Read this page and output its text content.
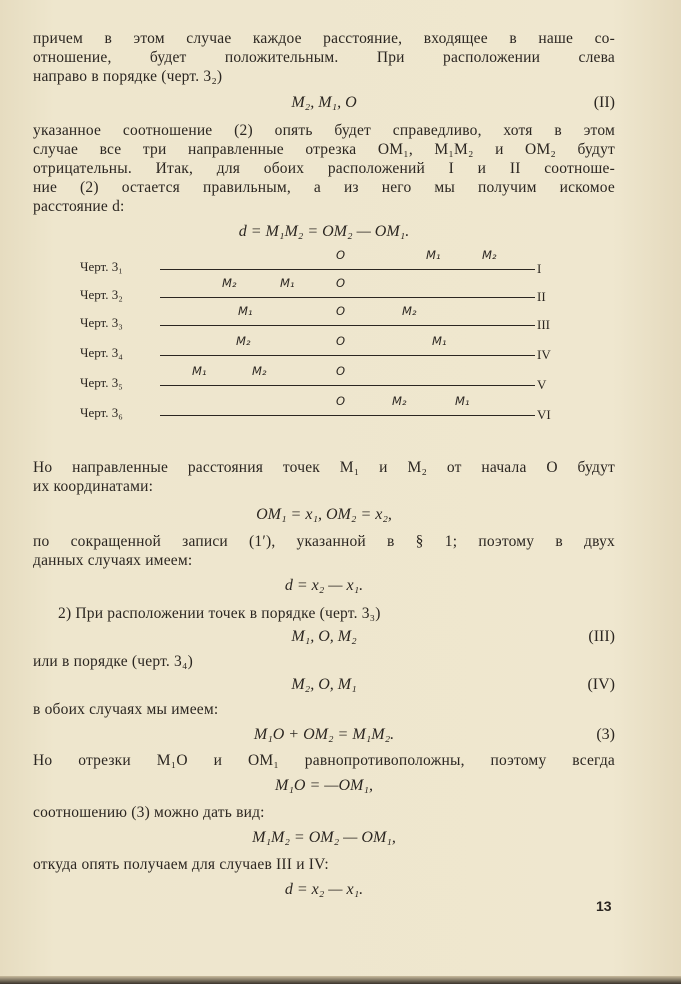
причем в этом случае каждое расстояние, входящее в наше со-
отношение, будет положительным. При расположении слева
направо в порядке (черт. 3₂)
указанное соотношение (2) опять будет справедливо, хотя в этом
случае все три направленные отрезка OM₁, M₁M₂ и OM₂ будут
отрицательны. Итак, для обоих расположений I и II соотноше-
ние (2) остается правильным, а из него мы получим искомое
расстояние d:
Но направленные расстояния точек M₁ и M₂ от начала O будут
их координатами:
по сокращенной записи (1′), указанной в § 1; поэтому в двух
данных случаях имеем:
2) При расположении точек в порядке (черт. 3₃)
или в порядке (черт. 3₄)
в обоих случаях мы имеем:
Но отрезки M₁O и OM₁ равнопротивоположны, поэтому всегда
соотношению (3) можно дать вид:
откуда опять получаем для случаев III и IV:
M₂, M₁, O	(II)
d = M₁M₂ = OM₂ — OM₁.
OM₁ = x₁, OM₂ = x₂,
d = x₂ — x₁.
M₁, O, M₂	(III)
M₂, O, M₁	(IV)
M₁O + OM₂ = M₁M₂.	(3)
M₁O = —OM₁,
M₁M₂ = OM₂ — OM₁,
d = x₂ — x₁.
Черт. 3₁	I
O	M₁	M₂
Черт. 3₂	II
M₂	M₁	O
Черт. 3₃	III
M₁	O	M₂
Черт. 3₄	IV
M₂	O	M₁
Черт. 3₅	V
M₁	M₂	O
Черт. 3₆	VI
O	M₂	M₁
13
